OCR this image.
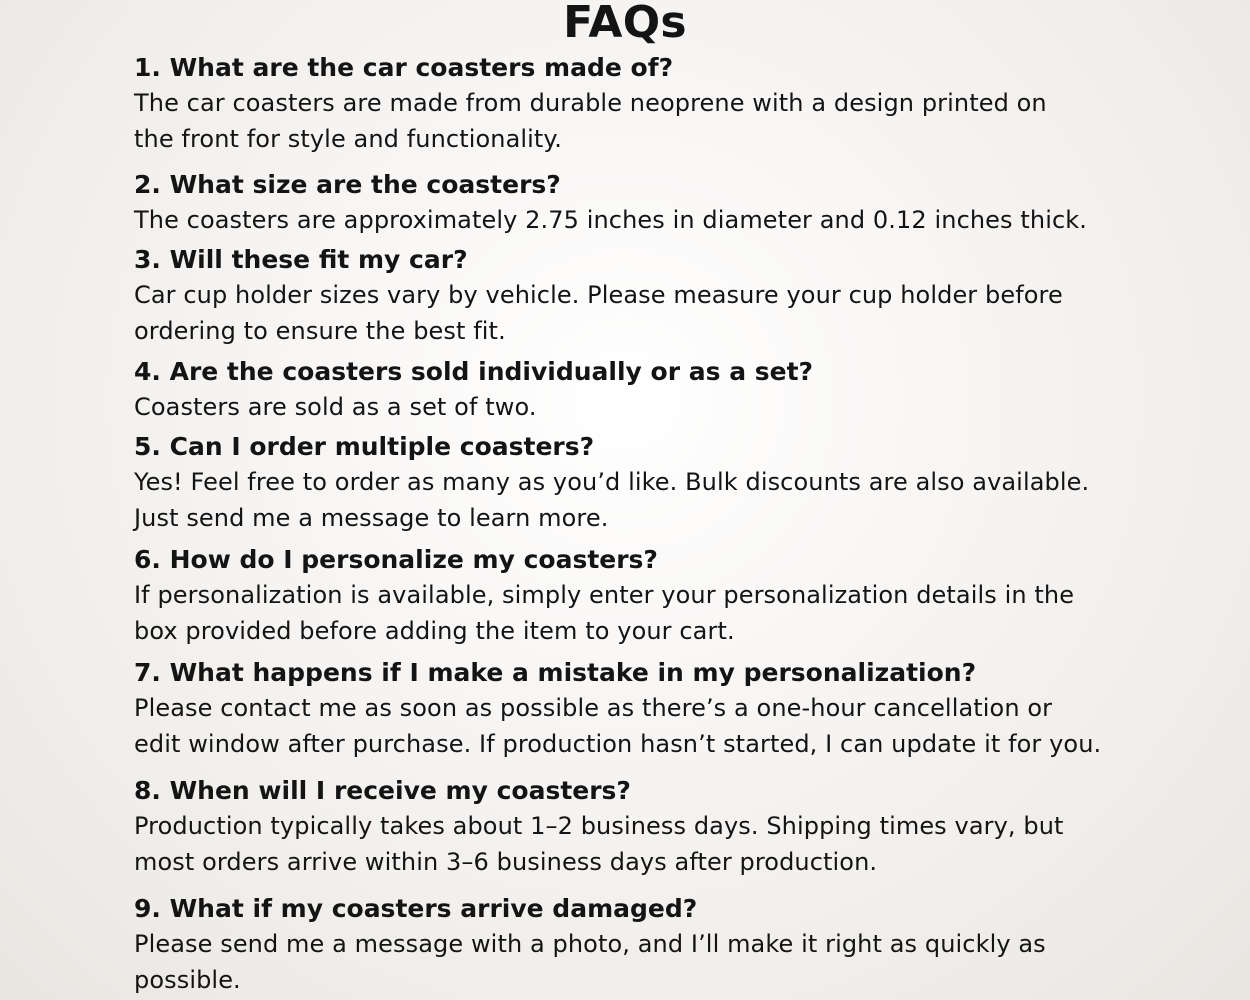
FAQs

1. What are the car coasters made of?

The car coasters are made from durable neoprene with a design printed on

the front for style and functionality.

2. What size are the coasters?

The coasters are approximately 2.75 inches in diameter and 0.12 inches thick.

3. Will these fit my car?

Car cup holder sizes vary by vehicle. Please measure your cup holder before

ordering to ensure the best fit.

4. Are the coasters sold individually or as a set?

Coasters are sold as a set of two.

5. Can I order multiple coasters?

Yes! Feel free to order as many as you’d like. Bulk discounts are also available.

Just send me a message to learn more.

6. How do I personalize my coasters?

If personalization is available, simply enter your personalization details in the

box provided before adding the item to your cart.

7. What happens if I make a mistake in my personalization?

Please contact me as soon as possible as there’s a one-hour cancellation or

edit window after purchase. If production hasn’t started, I can update it for you.

8. When will I receive my coasters?

Production typically takes about 1–2 business days. Shipping times vary, but

most orders arrive within 3–6 business days after production.

9. What if my coasters arrive damaged?

Please send me a message with a photo, and I’ll make it right as quickly as

possible.
